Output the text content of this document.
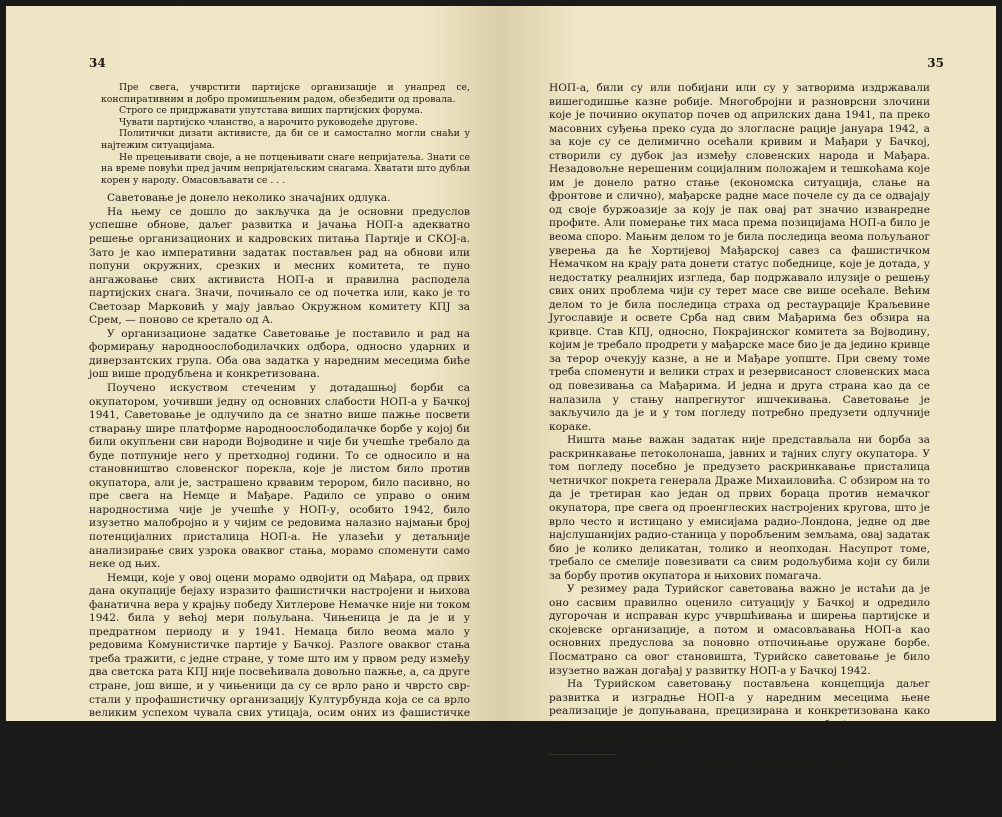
34

Пре свега, учврстити партијске организације и унапред се, конспиративним и добро промишљеним радом, обезбедити од провала.

Строго се придржавати упутстава виших партијских форума.

Чувати партијско чланство, а нарочито руководеће другове.

Политички дизати активисте, да би се и самостално могли снаћи у најтежим ситуацијама.

Не прецењивати своје, а не потцењивати снаге непријатеља. Знати се на време повући пред јачим непријатељским снагама. Хватати што дубљи корен у народу. Омасовљавати се . . .

Саветовање је донело неколико значајних одлука.

На њему се дошло до закључка да је основни предуслов успешне обнове, даљег развитка и јачања НОП-а адекватно решење организационих и кадровских питања Партије и СКОЈ-а. Зато је као императивни задатак постављен рад на обнови или попуни окружних, срезких и месних комитета, те пуно ангажовање свих активиста НОП-а и правилна расподела партијских снага. Значи, почињало се од почетка или, како је то Светозар Марковић у мају јављао Окружном комитету КПЈ за Срем, — поново се кретало од А.

У организационе задатке Саветовање је поставило и рад на формирању народноослободилачких одбора, односно ударних и диверзантских група. Оба ова задатка у наредним месецима биће још више продубљена и конкретизована.

Поучено искуством стеченим у дотадашњој борби са окупатором, уочивши једну од основних слабости НОП-а у Бачкој 1941, Саветовање је одлучило да се знатно више пажње посвети стварању шире платформе народноослободилачке борбе у којој би били окупљени сви народи Војводине и чије би учешће требало да буде потпуније него у претходној години. То се односило и на становништво словенског порекла, које је листом било против окупатора, али је, застрашено крвавим терором, било пасивно, но пре свега на Немце и Мађаре. Радило се управо о оним народностима чије је учешће у НОП-у, особито 1942, било изузетно малобројно и у чијим се редовима налазио најмањи број потенцијалних присталица НОП-а. Не улазећи у детаљније анализирање свих узрока оваквог стања, морамо споменути само неке од њих.

Немци, које у овој оцени морамо одвојити од Мађара, од првих дана окупације бејаху изразито фашистички настројени и њихова фанатична вера у крајњу победу Хитлерове Немачке није ни током 1942. била у већој мери пољуљана. Чињеница је да је и у предратном периоду и у 1941. Немаца било веома мало у редовима Комунистичке партије у Бачкој. Разлоге оваквог стања треба тражити, с једне стране, у томе што им у првом реду између два светска рата КПЈ није посвећивала довољно пажње, а, са друге стране, још више, и у чињеници да су се врло рано и чврсто сврстали у профашистичку организацију Културбунда која се са врло великим успехом чувала свих утицаја, осим оних из фашистичке Немачке.

Код мађарског становништва су јаки талас ревизионизма и изразито шовинистички испади, који су га захватили првих месеци окупације 1941, знатно попустили. У међувремену су се десиле и друге значајне ствари. Сви они Мађари, чланови КПЈ и СКОЈ-а, који су наставили са својим радом, укључивши се од првих дана у редове

35

НОП-а, били су или побијани или су у затворима издржавали вишегодишње казне робије. Многобројни и разноврсни злочини које је починио окупатор почев од априлских дана 1941, па преко масовних суђења преко суда до злогласне рације јануара 1942, а за које су се делимично осећали кривим и Мађари у Бачкој, створили су дубок јаз између словенских народа и Мађара. Незадовољне нерешеним социјалним положајем и тешкоћама које им је донело ратно стање (економска ситуација, слање на фронтове и слично), мађарске радне масе почеле су да се одвајају од своје буржоазије за коју је пак овај рат значио изванредне профите. Али померање тих маса према позицијама НОП-а било је веома споро. Мањим делом то је била последица веома пољуљаног уверења да ће Хортијевој Мађарској савез са фашистичком Немачком на крају рата донети статус победнице, које је дотада, у недостатку реалнијих изгледа, бар подржавало илузије о решењу свих оних проблема чији су терет масе све више осећале. Већим делом то је била последица страха од рестаурације Краљевине Југославије и освете Срба над свим Мађарима без обзира на кривце. Став КПЈ, односно, Покрајинског комитета за Војводину, којим је требало продрети у мађарске масе био је да једино кривце за терор очекују казне, а не и Мађаре уопште. При свему томе треба споменути и велики страх и резервисаност словенских маса од повезивања са Мађарима. И једна и друга страна као да се налазила у стању напрегнутог ишчекивања. Саветовање је закључило да је и у том погледу потребно предузети одлучније кораке.

Ништа мање важан задатак није представљала ни борба за раскринкавање петоколонаша, јавних и тајних слугу окупатора. У том погледу посебно је предузето раскринкавање присталица четничког покрета генерала Драже Михаиловића. С обзиром на то да је третиран као један од првих бораца против немачког окупатора, пре свега од проенглеских настројених кругова, што је врло често и истицано у емисијама радио-Лондона, једне од две најслушанијих радио-станица у поробљеним земљама, овај задатак био је колико деликатан, толико и неопходан. Насупрот томе, требало се смелије повезивати са свим родољубима који су били за борбу против окупатора и њихових помагача.

У резимеу рада Турийског саветовања важно је истаћи да је оно сасвим правилно оценило ситуацију у Бачкој и одредило дугорочан и исправан курс учвршћивања и ширења партијске и скојевске организације, а потом и омасовљавања НОП-а као основних предуслова за поновно отпочињање оружане борбе. Посматрано са овог становишта, Турийско саветовање је било изузетно важан догађај у развитку НОП-а у Бачкој 1942.

На Турийском саветовању постављена концепција даљег развитка и изградње НОП-а у наредним месецима њене реализације је допуњавана, прецизирана и конкретизована како личним преношењем директива, тако и бројним писаним документима и штампом.$^{19}$

¹⁹ ИА, 8209—8211, 14042; Оригинал листа Истина од августа 1942.

ИА, 839; Оригинал лист Пролетер 14—15 од марта 1942.

Према подацима до којих су до сада дошли аутори — на основу појединачних и групних изјава учесника НОП-а наших и непријатељских докумената
